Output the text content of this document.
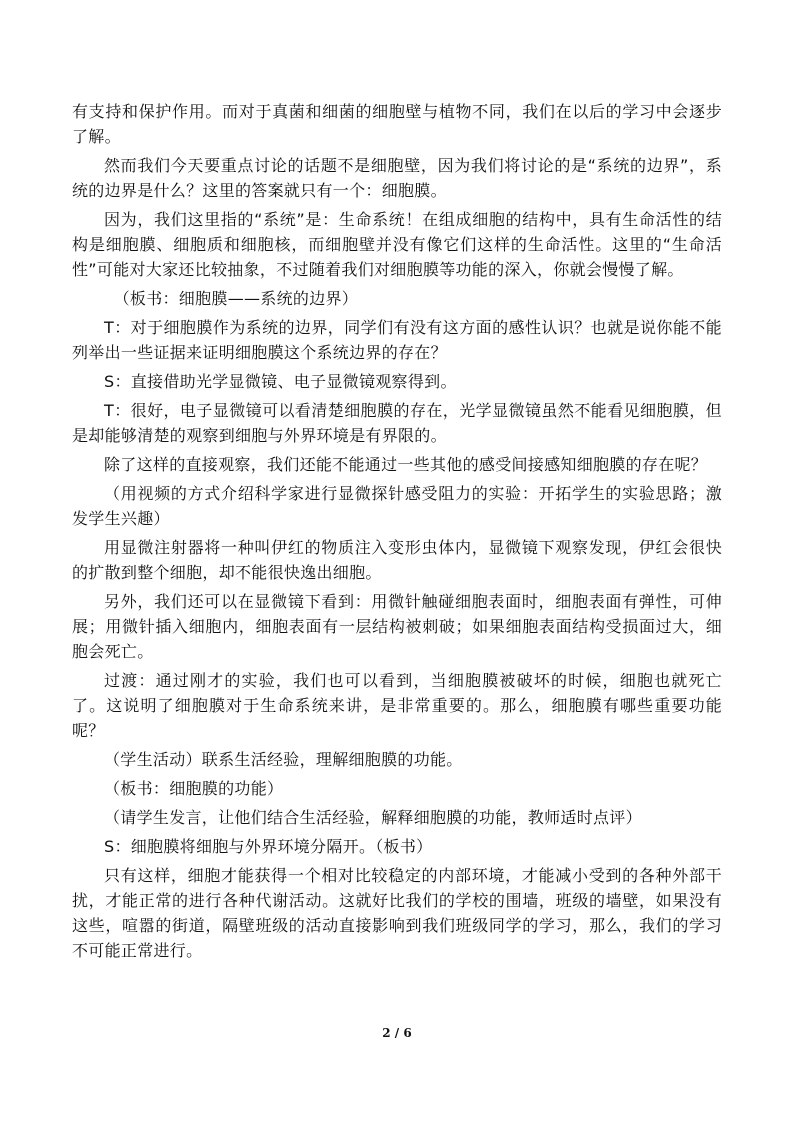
有支持和保护作用。而对于真菌和细菌的细胞壁与植物不同，我们在以后的学习中会逐步了解。

然而我们今天要重点讨论的话题不是细胞壁，因为我们将讨论的是“系统的边界”，系统的边界是什么？这里的答案就只有一个：细胞膜。

因为，我们这里指的“系统”是：生命系统！在组成细胞的结构中，具有生命活性的结构是细胞膜、细胞质和细胞核，而细胞壁并没有像它们这样的生命活性。这里的“生命活性”可能对大家还比较抽象，不过随着我们对细胞膜等功能的深入，你就会慢慢了解。

（板书：细胞膜——系统的边界）

T：对于细胞膜作为系统的边界，同学们有没有这方面的感性认识？也就是说你能不能列举出一些证据来证明细胞膜这个系统边界的存在？

S：直接借助光学显微镜、电子显微镜观察得到。

T：很好，电子显微镜可以看清楚细胞膜的存在，光学显微镜虽然不能看见细胞膜，但是却能够清楚的观察到细胞与外界环境是有界限的。

除了这样的直接观察，我们还能不能通过一些其他的感受间接感知细胞膜的存在呢？

（用视频的方式介绍科学家进行显微探针感受阻力的实验：开拓学生的实验思路；激发学生兴趣）

用显微注射器将一种叫伊红的物质注入变形虫体内，显微镜下观察发现，伊红会很快的扩散到整个细胞，却不能很快逸出细胞。

另外，我们还可以在显微镜下看到：用微针触碰细胞表面时，细胞表面有弹性，可伸展；用微针插入细胞内，细胞表面有一层结构被刺破；如果细胞表面结构受损面过大，细胞会死亡。

过渡：通过刚才的实验，我们也可以看到，当细胞膜被破坏的时候，细胞也就死亡了。这说明了细胞膜对于生命系统来讲，是非常重要的。那么，细胞膜有哪些重要功能呢？

（学生活动）联系生活经验，理解细胞膜的功能。

（板书：细胞膜的功能）

（请学生发言，让他们结合生活经验，解释细胞膜的功能，教师适时点评）

S：细胞膜将细胞与外界环境分隔开。（板书）

只有这样，细胞才能获得一个相对比较稳定的内部环境，才能减小受到的各种外部干扰，才能正常的进行各种代谢活动。这就好比我们的学校的围墙，班级的墙壁，如果没有这些，喧嚣的街道，隔壁班级的活动直接影响到我们班级同学的学习，那么，我们的学习不可能正常进行。

2 / 6
